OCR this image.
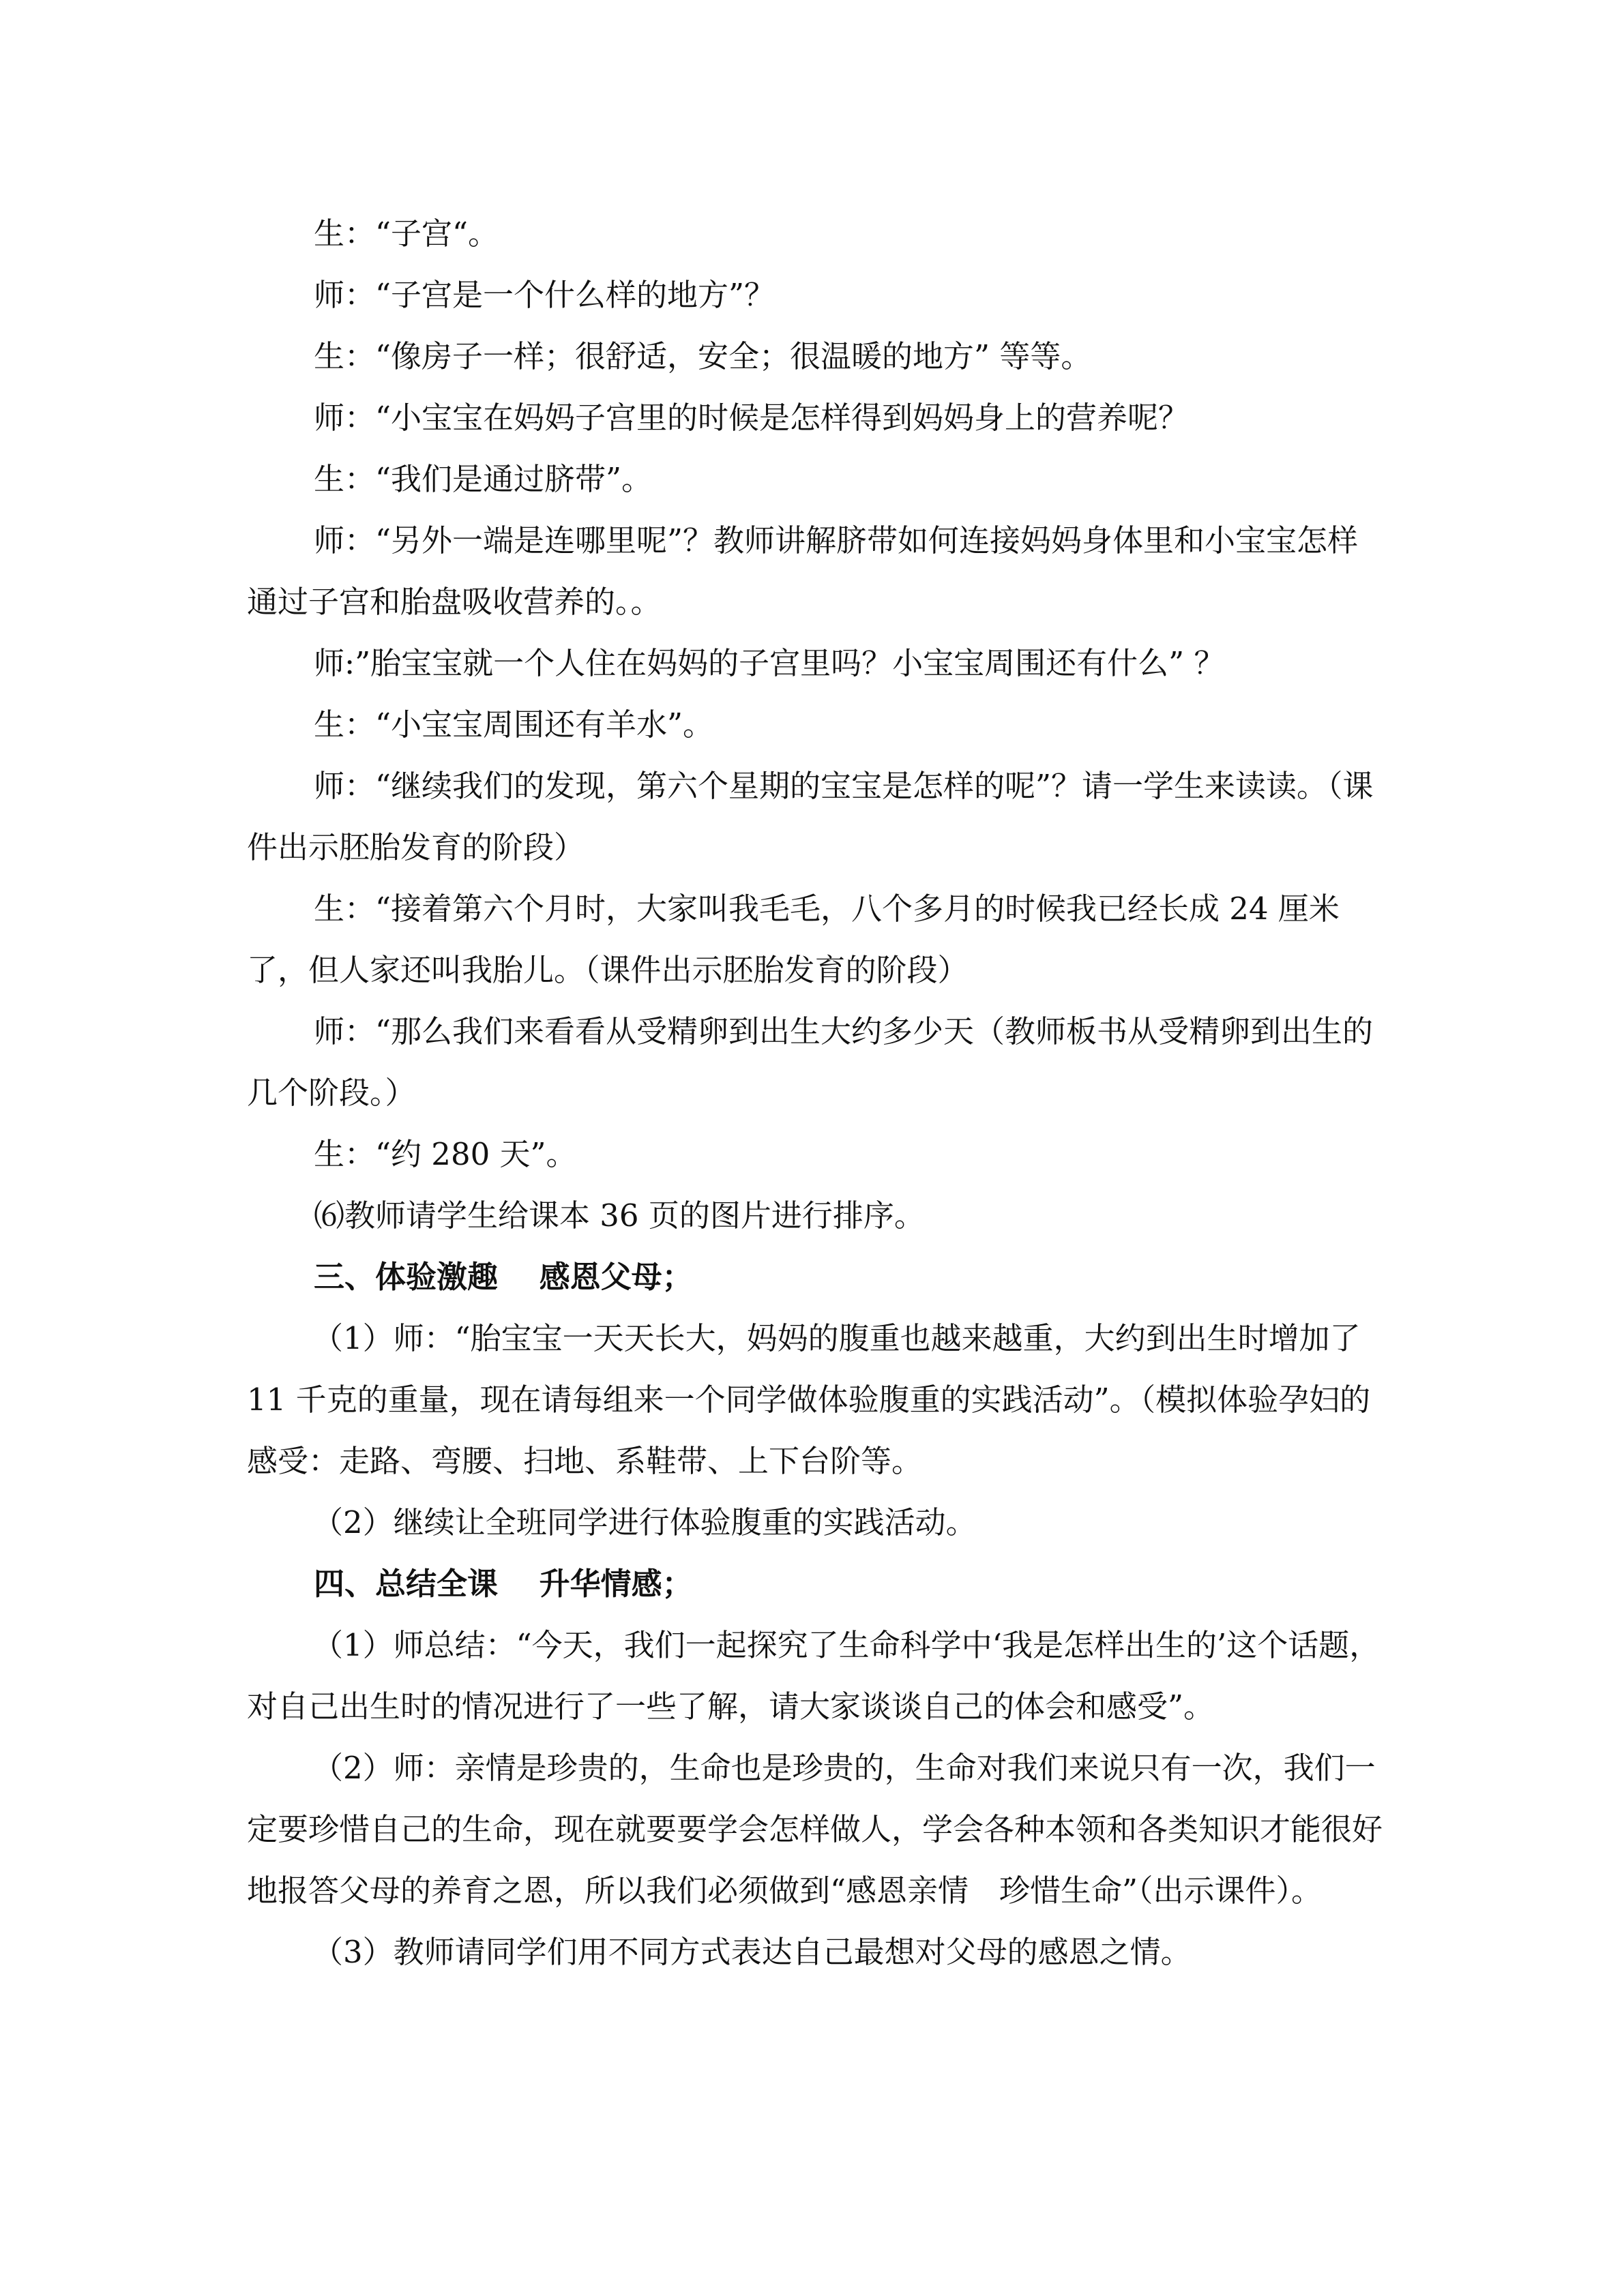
生：“子宫“。

师：“子宫是一个什么样的地方”？

生：“像房子一样；很舒适，安全；很温暖的地方” 等等。

师：“小宝宝在妈妈子宫里的时候是怎样得到妈妈身上的营养呢？

生：“我们是通过脐带”。

师：“另外一端是连哪里呢”？教师讲解脐带如何连接妈妈身体里和小宝宝怎样通过子宫和胎盘吸收营养的。。

师:”胎宝宝就一个人住在妈妈的子宫里吗？小宝宝周围还有什么” ？

生：“小宝宝周围还有羊水”。

师：“继续我们的发现，第六个星期的宝宝是怎样的呢”？请一学生来读读。（课件出示胚胎发育的阶段）

生：“接着第六个月时，大家叫我毛毛，八个多月的时候我已经长成 24 厘米了，但人家还叫我胎儿。（课件出示胚胎发育的阶段）

师：“那么我们来看看从受精卵到出生大约多少天（教师板书从受精卵到出生的几个阶段。）

生：“约 280 天”。

⑹教师请学生给课本 36 页的图片进行排序。

三、体验激趣　 感恩父母；

（1）师：“胎宝宝一天天长大，妈妈的腹重也越来越重，大约到出生时增加了 11 千克的重量，现在请每组来一个同学做体验腹重的实践活动”。（模拟体验孕妇的感受：走路、弯腰、扫地、系鞋带、上下台阶等。

（2）继续让全班同学进行体验腹重的实践活动。

四、总结全课　 升华情感；

（1）师总结：“今天，我们一起探究了生命科学中‘我是怎样出生的’这个话题，对自己出生时的情况进行了一些了解，请大家谈谈自己的体会和感受”。

（2）师：亲情是珍贵的，生命也是珍贵的，生命对我们来说只有一次，我们一定要珍惜自己的生命，现在就要要学会怎样做人，学会各种本领和各类知识才能很好地报答父母的养育之恩，所以我们必须做到“感恩亲情　珍惜生命”（出示课件）。

（3）教师请同学们用不同方式表达自己最想对父母的感恩之情。
